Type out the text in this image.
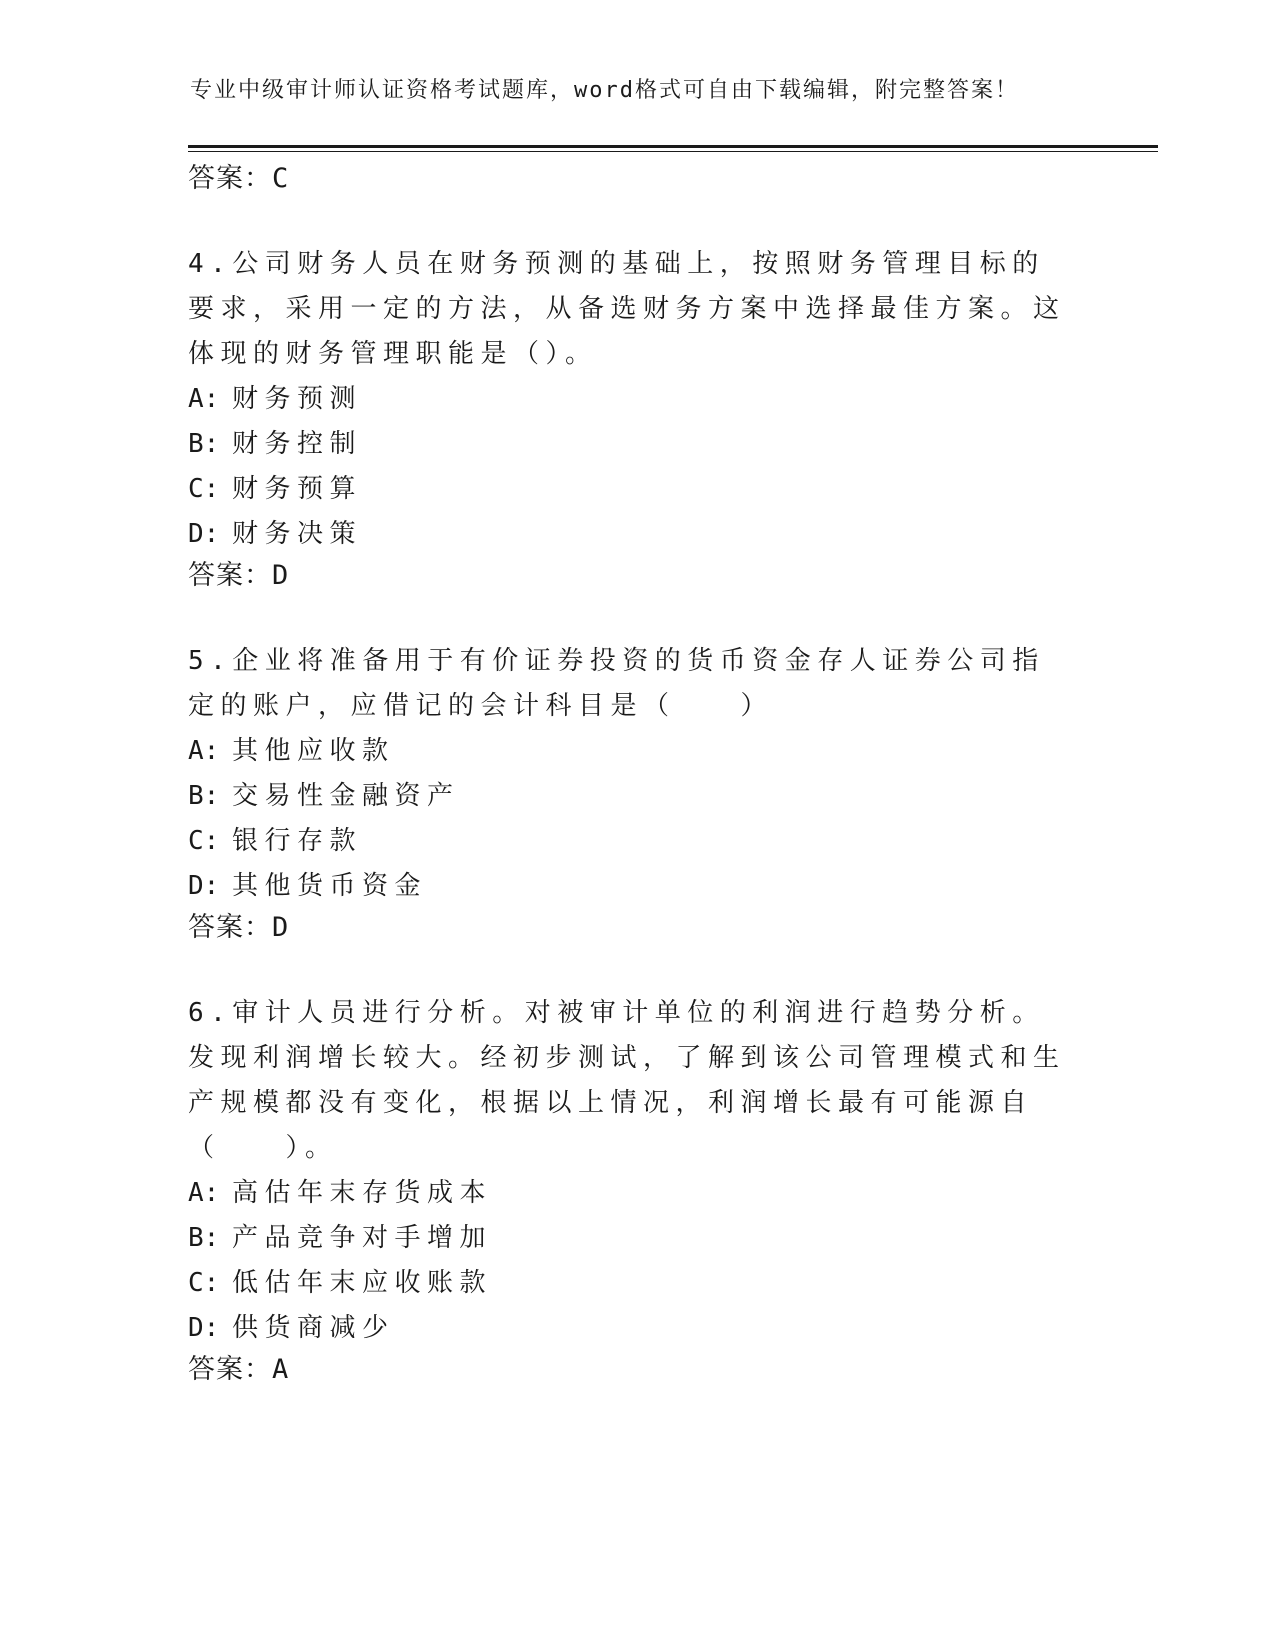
专业中级审计师认证资格考试题库，word格式可自由下载编辑，附完整答案！
答案：C

4.公司财务人员在财务预测的基础上，按照财务管理目标的要求，采用一定的方法，从备选财务方案中选择最佳方案。这体现的财务管理职能是（）。

A: 财务预测
B: 财务控制
C: 财务预算
D: 财务决策
答案：D

5.企业将准备用于有价证券投资的货币资金存人证券公司指定的账户，应借记的会计科目是（　　）

A: 其他应收款
B: 交易性金融资产
C: 银行存款
D: 其他货币资金
答案：D

6.审计人员进行分析。对被审计单位的利润进行趋势分析。发现利润增长较大。经初步测试，了解到该公司管理模式和生产规模都没有变化，根据以上情况，利润增长最有可能源自（　　）。

A: 高估年末存货成本
B: 产品竞争对手增加
C: 低估年末应收账款
D: 供货商减少
答案：A
